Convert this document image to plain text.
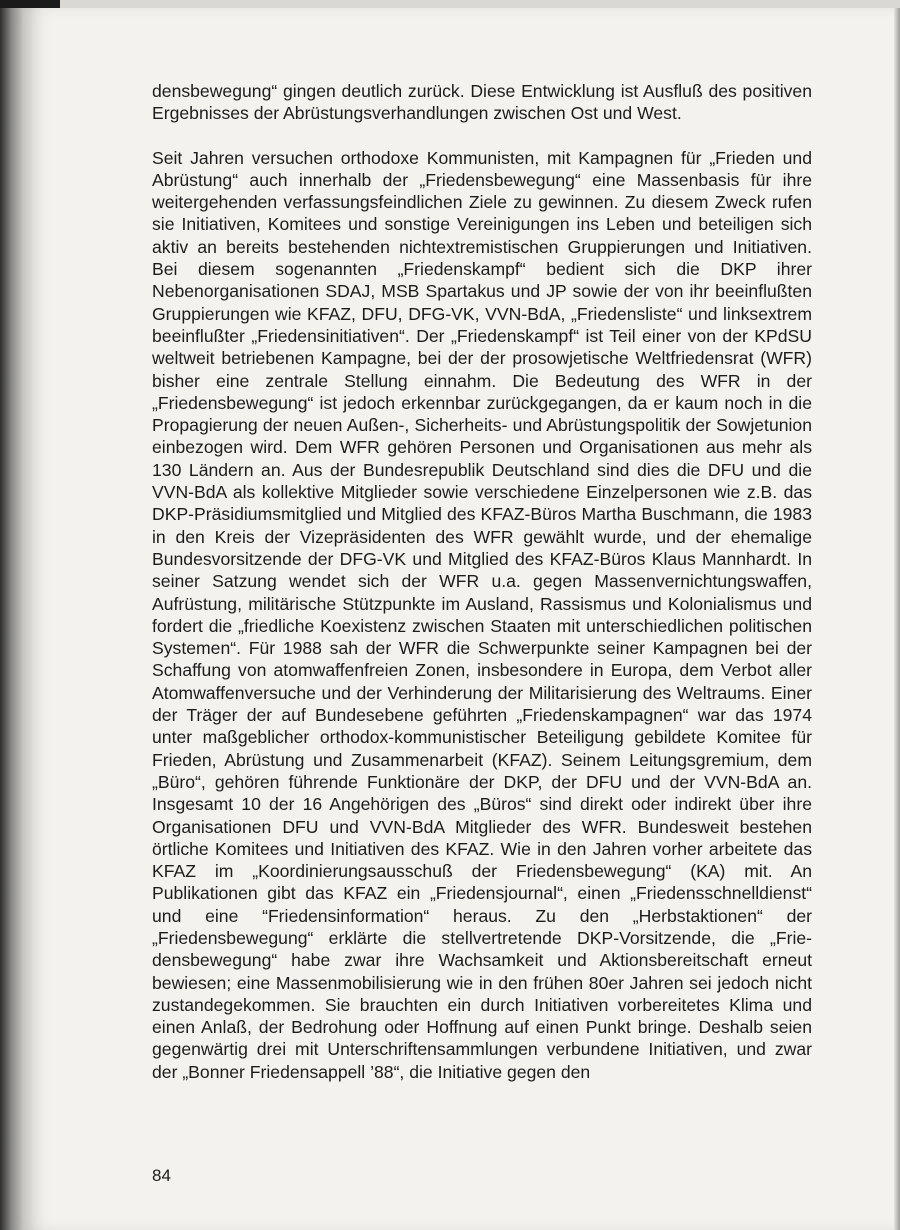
densbewegung“ gingen deutlich zurück. Diese Entwicklung ist Ausfluß des positiven Ergebnisses der Abrüstungsverhandlungen zwischen Ost und West.

Seit Jahren versuchen orthodoxe Kommunisten, mit Kampagnen für „Frieden und Abrüstung“ auch innerhalb der „Friedensbewegung“ eine Massenbasis für ihre weitergehenden verfassungsfeindlichen Ziele zu gewinnen. Zu diesem Zweck rufen sie Initiativen, Komitees und sonstige Vereinigungen ins Leben und beteiligen sich aktiv an bereits bestehenden nichtextremistischen Gruppierungen und Initiativen. Bei diesem sogenannten „Friedenskampf“ bedient sich die DKP ihrer Nebenorganisationen SDAJ, MSB Spartakus und JP sowie der von ihr beeinflußten Gruppierungen wie KFAZ, DFU, DFG-VK, VVN-BdA, „Friedensliste“ und linksextrem beeinflußter „Friedensinitiativen“. Der „Friedenskampf“ ist Teil einer von der KPdSU weltweit betriebenen Kampagne, bei der der prosowjetische Weltfriedensrat (WFR) bisher eine zentrale Stellung einnahm. Die Bedeutung des WFR in der „Friedensbewegung“ ist jedoch erkennbar zurückgegangen, da er kaum noch in die Propagierung der neuen Außen-, Sicherheits- und Abrüstungspolitik der Sowjetunion einbezogen wird. Dem WFR gehören Personen und Organisationen aus mehr als 130 Ländern an. Aus der Bundesrepublik Deutschland sind dies die DFU und die VVN-BdA als kollektive Mitglieder sowie verschiedene Einzelpersonen wie z.B. das DKP-Präsidiumsmitglied und Mitglied des KFAZ-Büros Martha Buschmann, die 1983 in den Kreis der Vizepräsidenten des WFR gewählt wurde, und der ehemalige Bundesvorsitzende der DFG-VK und Mitglied des KFAZ-Büros Klaus Mannhardt. In seiner Satzung wendet sich der WFR u.a. gegen Massenvernichtungswaffen, Aufrüstung, militärische Stützpunkte im Ausland, Rassismus und Kolonialismus und fordert die „friedliche Koexistenz zwischen Staaten mit unterschiedlichen politischen Systemen“. Für 1988 sah der WFR die Schwerpunkte seiner Kampagnen bei der Schaffung von atomwaffenfreien Zonen, insbesondere in Europa, dem Verbot aller Atomwaffenversuche und der Verhinderung der Militarisierung des Weltraums. Einer der Träger der auf Bundesebene geführten „Friedenskampagnen“ war das 1974 unter maßgeblicher orthodox-kommunistischer Beteiligung gebildete Komitee für Frieden, Abrüstung und Zusammenarbeit (KFAZ). Seinem Leitungsgremium, dem „Büro“, gehören führende Funktionäre der DKP, der DFU und der VVN-BdA an. Insgesamt 10 der 16 Angehörigen des „Büros“ sind direkt oder indirekt über ihre Organisationen DFU und VVN-BdA Mitglieder des WFR. Bundesweit bestehen örtliche Komitees und Initiativen des KFAZ. Wie in den Jahren vorher arbeitete das KFAZ im „Koordinierungsausschuß der Friedensbewegung“ (KA) mit. An Publikationen gibt das KFAZ ein „Friedensjournal“, einen „Friedensschnelldienst“ und eine “Friedensinformation“ heraus. Zu den „Herbstaktionen“ der „Friedensbewegung“ erklärte die stellvertretende DKP-Vorsitzende, die „Friedensbewegung“ habe zwar ihre Wachsamkeit und Aktionsbereitschaft erneut bewiesen; eine Massenmobilisierung wie in den frühen 80er Jahren sei jedoch nicht zustandegekommen. Sie brauchten ein durch Initiativen vorbereitetes Klima und einen Anlaß, der Bedrohung oder Hoffnung auf einen Punkt bringe. Deshalb seien gegenwärtig drei mit Unterschriftensammlungen verbundene Initiativen, und zwar der „Bonner Friedensappell ’88“, die Initiative gegen den

84
